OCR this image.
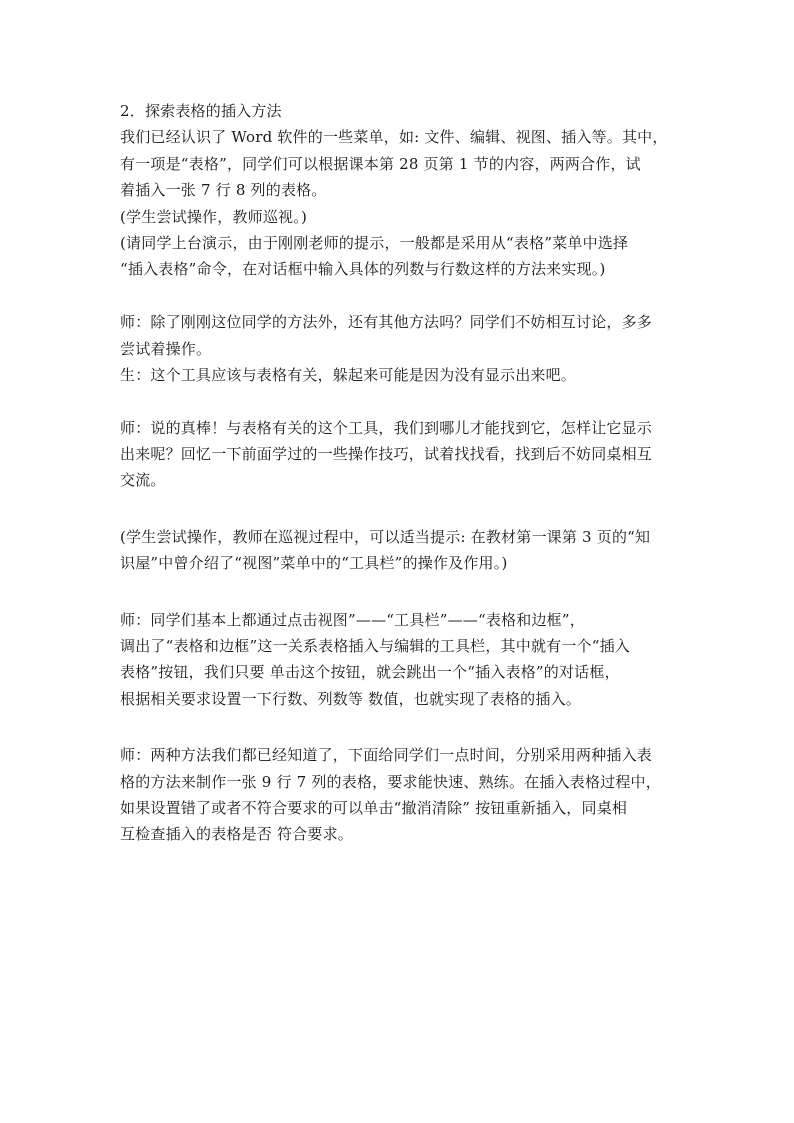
2．探索表格的插入方法
我们已经认识了 Word 软件的一些菜单，如: 文件、编辑、视图、插入等。其中，
有一项是“表格”，同学们可以根据课本第 28 页第 1 节的内容，两两合作，试
着插入一张 7 行 8 列的表格。
(学生尝试操作，教师巡视。)
(请同学上台演示，由于刚刚老师的提示，一般都是采用从“表格”菜单中选择
“插入表格”命令，在对话框中输入具体的列数与行数这样的方法来实现。)
师：除了刚刚这位同学的方法外，还有其他方法吗？同学们不妨相互讨论，多多
尝试着操作。
生：这个工具应该与表格有关，躲起来可能是因为没有显示出来吧。
师：说的真棒！与表格有关的这个工具，我们到哪儿才能找到它，怎样让它显示
出来呢？回忆一下前面学过的一些操作技巧，试着找找看，找到后不妨同桌相互
交流。
(学生尝试操作，教师在巡视过程中，可以适当提示: 在教材第一课第 3 页的“知
识屋”中曾介绍了“视图”菜单中的“工具栏”的操作及作用。)
师：同学们基本上都通过点击视图”——“工具栏”——“表格和边框”，
调出了“表格和边框”这一关系表格插入与编辑的工具栏，其中就有一个“插入
表格”按钮，我们只要 单击这个按钮，就会跳出一个“插入表格”的对话框，
根据相关要求设置一下行数、列数等 数值，也就实现了表格的插入。
师：两种方法我们都已经知道了，下面给同学们一点时间，分别采用两种插入表
格的方法来制作一张 9 行 7 列的表格，要求能快速、熟练。在插入表格过程中，
如果设置错了或者不符合要求的可以单击“撤消清除” 按钮重新插入，同桌相
互检查插入的表格是否 符合要求。
